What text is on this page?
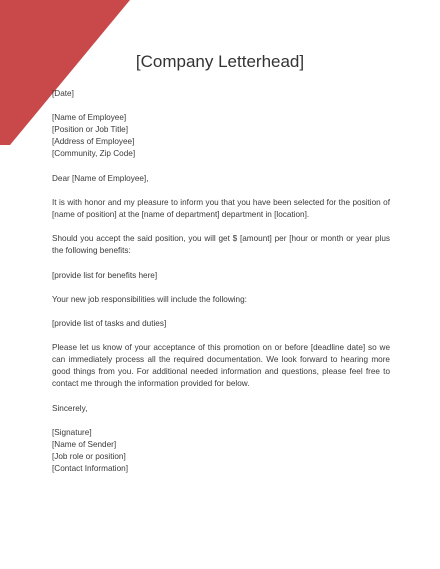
[Company Letterhead]

[Date]

[Name of Employee]
[Position or Job Title]
[Address of Employee]
[Community, Zip Code]

Dear [Name of Employee],

It is with honor and my pleasure to inform you that you have been selected for the position of [name of position] at the [name of department] department in [location].

Should you accept the said position, you will get $ [amount] per [hour or month or year plus the following benefits:

[provide list for benefits here]

Your new job responsibilities will include the following:

[provide list of tasks and duties]

Please let us know of your acceptance of this promotion on or before [deadline date] so we can immediately process all the required documentation. We look forward to hearing more good things from you. For additional needed information and questions, please feel free to contact me through the information provided for below.

Sincerely,

[Signature]
[Name of Sender]
[Job role or position]
[Contact Information]
